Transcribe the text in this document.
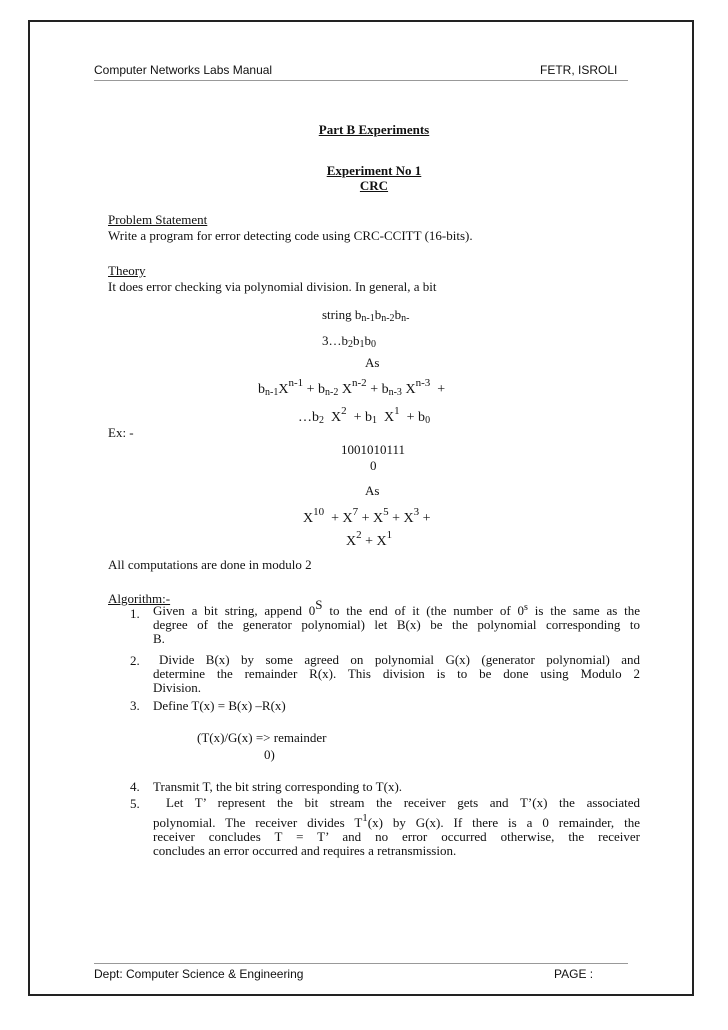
Computer Networks Labs Manual	FETR, ISROLI
Part B Experiments
Experiment No 1
CRC
Problem Statement
Write a program for error detecting code using CRC-CCITT (16-bits).
Theory
It does error checking via polynomial division. In general, a bit
string $b_{n-1}b_{n-2}b_{n-}$
$3\dots b_2b_1b_0$
As
$b_{n-1}X^{n-1} + b_{n-2}$ $X^{n-2} + b_{n-3}$ $X^{n-3}$  +
$\dots b_2$  $X^2 + b_1$  $X^1 + b_0$
Ex: -
1001010111
0
As
$X^{10} + X^7 + X^5 + X^3$ +
$X^2 + X^1$
All computations are done in modulo 2
Algorithm:-
1. Given a bit string, append $0^S$ to the end of it (the number of 0$^s$ is the same as the
degree of the generator polynomial) let B(x) be the polynomial corresponding to
B.
2.	Divide B(x) by some agreed on polynomial G(x) (generator polynomial) and
determine the remainder R(x). This division is to be done using Modulo 2
Division.
3. Define T(x) = B(x) –R(x)
(T(x)/G(x) => remainder
0)
4. Transmit T, the bit string corresponding to T(x).
5.	Let T’ represent the bit stream the receiver gets and T’(x) the associated
polynomial. The receiver divides $T^1(x)$ by G(x). If there is a 0 remainder, the
receiver concludes T = T’ and no error occurred otherwise, the receiver
concludes an error occurred and requires a retransmission.
Dept: Computer Science & Engineering	PAGE :
